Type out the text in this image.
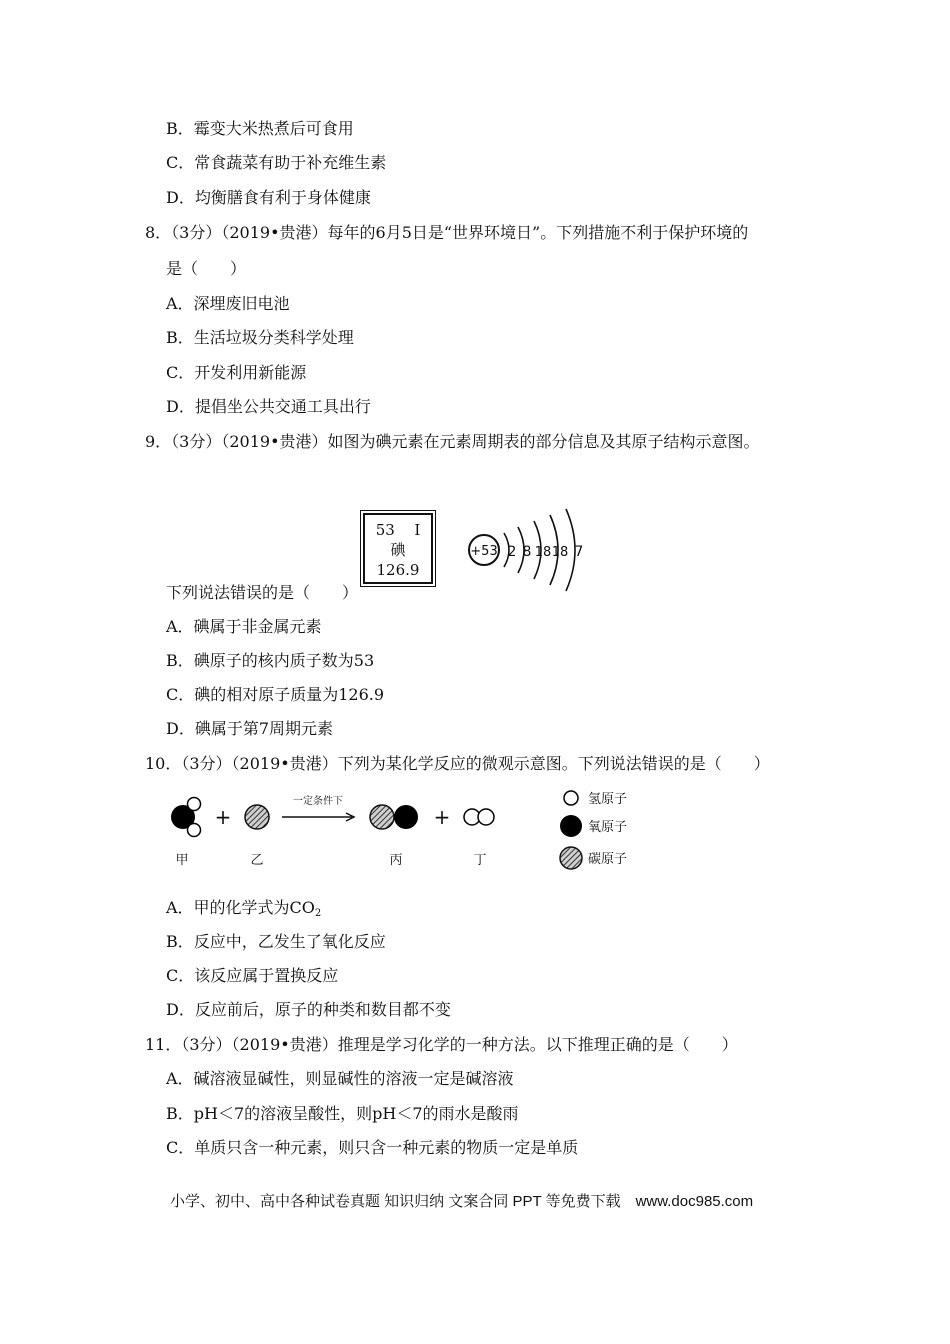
B．霉变大米热煮后可食用
C．常食蔬菜有助于补充维生素
D．均衡膳食有利于身体健康
8．（3分）（2019•贵港）每年的6月5日是“世界环境日”。下列措施不利于保护环境的
是（　　）
A．深埋废旧电池
B．生活垃圾分类科学处理
C．开发利用新能源
D．提倡坐公共交通工具出行
9．（3分）（2019•贵港）如图为碘元素在元素周期表的部分信息及其原子结构示意图。
53 I
碘
126.9
+53 2 8 18 18 7
下列说法错误的是（　　）
A．碘属于非金属元素
B．碘原子的核内质子数为53
C．碘的相对原子质量为126.9
D．碘属于第7周期元素
10．（3分）（2019•贵港）下列为某化学反应的微观示意图。下列说法错误的是（　　）
+
一定条件下
+
甲	乙	丙	丁
氢原子
氧原子
碳原子
A．甲的化学式为$CO_2$
B．反应中，乙发生了氧化反应
C．该反应属于置换反应
D．反应前后，原子的种类和数目都不变
11．（3分）（2019•贵港）推理是学习化学的一种方法。以下推理正确的是（　　）
A．碱溶液显碱性，则显碱性的溶液一定是碱溶液
B．pH＜7的溶液呈酸性，则pH＜7的雨水是酸雨
C．单质只含一种元素，则只含一种元素的物质一定是单质
小学、初中、高中各种试卷真题 知识归纳 文案合同 PPT 等免费下载　www.doc985.com
